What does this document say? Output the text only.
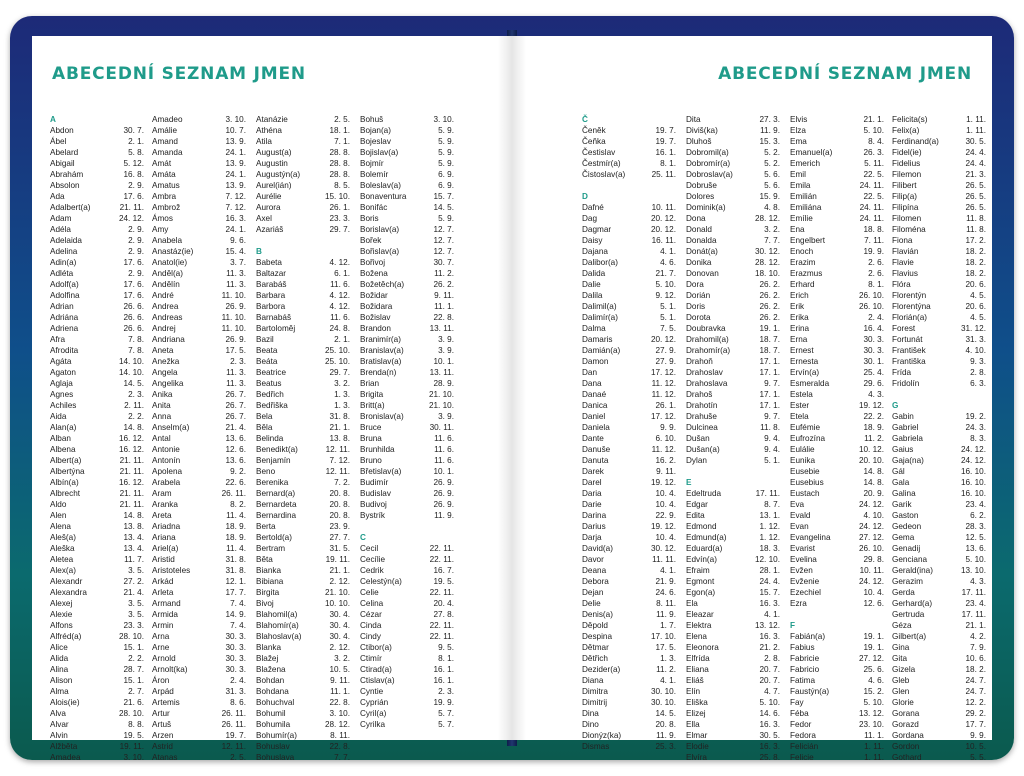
ABECEDNÍ SEZNAM JMEN
A
Abdon	30. 7.
Ábel	2. 1.
Abelard	5. 8.
Abigail	5. 12.
Abrahám	16. 8.
Absolon	2. 9.
Ada	17. 6.
Adalbert(a)	21. 11.
Adam	24. 12.
Adéla	2. 9.
Adelaida	2. 9.
Adelina	2. 9.
Adin(a)	17. 6.
Adléta	2. 9.
Adolf(a)	17. 6.
Adolfina	17. 6.
Adrian	26. 6.
Adriána	26. 6.
Adriena	26. 6.
Afra	7. 8.
Afrodita	7. 8.
Agáta	14. 10.
Agaton	14. 10.
Aglaja	14. 5.
Agnes	2. 3.
Achiles	2. 11.
Aida	2. 2.
Alan(a)	14. 8.
Alban	16. 12.
Albena	16. 12.
Albert(a)	21. 11.
Albertýna	21. 11.
Albín(a)	16. 12.
Albrecht	21. 11.
Aldo	21. 11.
Alen	14. 8.
Alena	13. 8.
Aleš(a)	13. 4.
Aleška	13. 4.
Aletea	11. 7.
Alex(a)	3. 5.
Alexandr	27. 2.
Alexandra	21. 4.
Alexej	3. 5.
Alexie	3. 5.
Alfons	23. 3.
Alfréd(a)	28. 10.
Alice	15. 1.
Alida	2. 2.
Alina	28. 7.
Alison	15. 1.
Alma	2. 7.
Alois(ie)	21. 6.
Alva	28. 10.
Alvar	8. 8.
Alvin	19. 5.
Alžběta	19. 11.
Amadea	3. 10.
Amadeo	3. 10.
Amálie	10. 7.
Amand	13. 9.
Amanda	24. 1.
Amát	13. 9.
Amáta	24. 1.
Amatus	13. 9.
Ambra	7. 12.
Ambrož	7. 12.
Ámos	16. 3.
Amy	24. 1.
Anabela	9. 6.
Anastáz(ie)	15. 4.
Anatol(ie)	3. 7.
Anděl(a)	11. 3.
Andělín	11. 3.
André	11. 10.
Andrea	26. 9.
Andreas	11. 10.
Andrej	11. 10.
Andriana	26. 9.
Aneta	17. 5.
Anežka	2. 3.
Angela	11. 3.
Angelika	11. 3.
Anika	26. 7.
Anita	26. 7.
Anna	26. 7.
Anselm(a)	21. 4.
Antal	13. 6.
Antonie	12. 6.
Antonín	13. 6.
Apolena	9. 2.
Arabela	22. 6.
Aram	26. 11.
Aranka	8. 2.
Areta	11. 4.
Ariadna	18. 9.
Ariana	18. 9.
Ariel(a)	11. 4.
Aristid	31. 8.
Aristoteles	31. 8.
Arkád	12. 1.
Arleta	17. 7.
Armand	7. 4.
Armida	14. 9.
Armin	7. 4.
Arna	30. 3.
Arne	30. 3.
Arnold	30. 3.
Arnolt(ka)	30. 3.
Áron	2. 4.
Arpád	31. 3.
Artemis	8. 6.
Artur	26. 11.
Artuš	26. 11.
Arzen	19. 7.
Astrid	12. 11.
Atanas	2. 5.
Atanázie	2. 5.
Athéna	18. 1.
Atila	7. 1.
August(a)	28. 8.
Augustin	28. 8.
Augustýn(a)	28. 8.
Aurel(ián)	8. 5.
Aurélie	15. 10.
Aurora	26. 1.
Axel	23. 3.
Azariáš	29. 7.
B
Babeta	4. 12.
Baltazar	6. 1.
Barabáš	11. 6.
Barbara	4. 12.
Barbora	4. 12.
Barnabáš	11. 6.
Bartoloměj	24. 8.
Bazil	2. 1.
Beata	25. 10.
Beáta	25. 10.
Beatrice	29. 7.
Beatus	3. 2.
Bedřich	1. 3.
Bedřiška	1. 3.
Bela	31. 8.
Běla	21. 1.
Belinda	13. 8.
Benedikt(a)	12. 11.
Benjamín	7. 12.
Beno	12. 11.
Berenika	7. 2.
Bernard(a)	20. 8.
Bernardeta	20. 8.
Bernardina	20. 8.
Berta	23. 9.
Bertold(a)	27. 7.
Bertram	31. 5.
Běta	19. 11.
Bianka	21. 1.
Bibiana	2. 12.
Birgita	21. 10.
Bivoj	10. 10.
Blahomil(a)	30. 4.
Blahomír(a)	30. 4.
Blahoslav(a)	30. 4.
Blanka	2. 12.
Blažej	3. 2.
Blažena	10. 5.
Bohdan	9. 11.
Bohdana	11. 1.
Bohuchval	22. 8.
Bohumil	3. 10.
Bohumila	28. 12.
Bohumír(a)	8. 11.
Bohuslav	22. 8.
Bohuslava	7. 7.
Bohuš	3. 10.
Bojan(a)	5. 9.
Bojeslav	5. 9.
Bojislav(a)	5. 9.
Bojmír	5. 9.
Bolemír	6. 9.
Boleslav(a)	6. 9.
Bonaventura	15. 7.
Bonifác	14. 5.
Boris	5. 9.
Borislav(a)	12. 7.
Bořek	12. 7.
Bořislav(a)	12. 7.
Bořivoj	30. 7.
Božena	11. 2.
Božetěch(a)	26. 2.
Božidar	9. 11.
Božidara	11. 1.
Božislav	22. 8.
Brandon	13. 11.
Branimír(a)	3. 9.
Branislav(a)	3. 9.
Bratislav(a)	10. 1.
Brenda(n)	13. 11.
Brian	28. 9.
Brigita	21. 10.
Britt(a)	21. 10.
Bronislav(a)	3. 9.
Bruce	30. 11.
Bruna	11. 6.
Brunhilda	11. 6.
Bruno	11. 6.
Břetislav(a)	10. 1.
Budimír	26. 9.
Budislav	26. 9.
Budivoj	26. 9.
Bystrík	11. 9.
C
Cecil	22. 11.
Cecílie	22. 11.
Cedrik	16. 7.
Celestýn(a)	19. 5.
Celie	22. 11.
Celina	20. 4.
Cézar	27. 8.
Cinda	22. 11.
Cindy	22. 11.
Ctibor(a)	9. 5.
Ctimír	8. 1.
Ctirad(a)	16. 1.
Ctislav(a)	16. 1.
Cyntie	2. 3.
Cyprián	19. 9.
Cyril(a)	5. 7.
Cyrilka	5. 7.
ABECEDNÍ SEZNAM JMEN
Č
Čeněk	19. 7.
Čeňka	19. 7.
Čestislav	16. 1.
Čestmír(a)	8. 1.
Čistoslav(a)	25. 11.
D
Dafné	10. 11.
Dag	20. 12.
Dagmar	20. 12.
Daisy	16. 11.
Dajana	4. 1.
Dalibor(a)	4. 6.
Dalida	21. 7.
Dalie	5. 10.
Dalila	9. 12.
Dalimil(a)	5. 1.
Dalimír(a)	5. 1.
Dalma	7. 5.
Damaris	20. 12.
Damián(a)	27. 9.
Damon	27. 9.
Dan	17. 12.
Dana	11. 12.
Danaé	11. 12.
Danica	26. 1.
Daniel	17. 12.
Daniela	9. 9.
Dante	6. 10.
Danuše	11. 12.
Danuta	16. 2.
Darek	9. 11.
Darel	19. 12.
Daria	10. 4.
Darie	10. 4.
Darina	22. 9.
Darius	19. 12.
Darja	10. 4.
David(a)	30. 12.
Davor	11. 11.
Deana	4. 1.
Debora	21. 9.
Dejan	24. 6.
Delie	8. 11.
Denis(a)	11. 9.
Děpold	1. 7.
Despina	17. 10.
Dětmar	17. 5.
Dětřich	1. 3.
Dezider(a)	11. 2.
Diana	4. 1.
Dimitra	30. 10.
Dimitrij	30. 10.
Dina	14. 5.
Dino	20. 8.
Dionýz(ka)	11. 9.
Dismas	25. 3.
Dita	27. 3.
Diviš(ka)	11. 9.
Dluhoš	15. 3.
Dobromil(a)	5. 2.
Dobromír(a)	5. 2.
Dobroslav(a)	5. 6.
Dobruše	5. 6.
Dolores	15. 9.
Dominik(a)	4. 8.
Dona	28. 12.
Donald	3. 2.
Donalda	7. 7.
Donát(a)	30. 12.
Donika	28. 12.
Donovan	18. 10.
Dora	26. 2.
Dorián	26. 2.
Doris	26. 2.
Dorota	26. 2.
Doubravka	19. 1.
Drahomil(a)	18. 7.
Drahomír(a)	18. 7.
Drahoň	17. 1.
Drahoslav	17. 1.
Drahoslava	9. 7.
Drahoš	17. 1.
Drahotín	17. 1.
Drahuše	9. 7.
Dulcinea	11. 8.
Dušan	9. 4.
Dušan(a)	9. 4.
Dylan	5. 1.
E
Edeltruda	17. 11.
Edgar	8. 7.
Edita	13. 1.
Edmond	1. 12.
Edmund(a)	1. 12.
Eduard(a)	18. 3.
Edvín(a)	12. 10.
Efraim	28. 1.
Egmont	24. 4.
Egon(a)	15. 7.
Ela	16. 3.
Eleazar	4. 1.
Elektra	13. 12.
Elena	16. 3.
Eleonora	21. 2.
Elfrída	2. 8.
Eliana	20. 7.
Eliáš	20. 7.
Elín	4. 7.
Eliška	5. 10.
Elizej	14. 6.
Ella	16. 3.
Elmar	30. 5.
Elodie	16. 3.
Elvíra	25. 8.
Elvis	21. 1.
Elza	5. 10.
Ema	8. 4.
Emanuel(a)	26. 3.
Emerich	5. 11.
Emil	22. 5.
Emila	24. 11.
Emilián	22. 5.
Emiliána	24. 11.
Emílie	24. 11.
Ena	18. 8.
Engelbert	7. 11.
Enoch	19. 9.
Erazim	2. 6.
Erazmus	2. 6.
Erhard	8. 1.
Erich	26. 10.
Erik	26. 10.
Erika	2. 4.
Erina	16. 4.
Erna	30. 3.
Ernest	30. 3.
Ernesta	30. 1.
Ervín(a)	25. 4.
Esmeralda	29. 6.
Estela	4. 3.
Ester	19. 12.
Etela	22. 2.
Eufémie	18. 9.
Eufrozína	11. 2.
Eulálie	10. 12.
Eunika	20. 10.
Eusebie	14. 8.
Eusebius	14. 8.
Eustach	20. 9.
Eva	24. 12.
Evald	4. 10.
Evan	24. 12.
Evangelina	27. 12.
Evarist	26. 10.
Evelina	29. 8.
Evžen	10. 11.
Evženie	24. 12.
Ezechiel	10. 4.
Ezra	12. 6.
F
Fabián(a)	19. 1.
Fabius	19. 1.
Fabricie	27. 12.
Fabricio	25. 6.
Fatima	4. 6.
Faustýn(a)	15. 2.
Fay	5. 10.
Féba	13. 12.
Fedor	23. 10.
Fedora	11. 1.
Felicián	1. 11.
Felicie	1. 11.
Felicita(s)	1. 11.
Felix(a)	1. 11.
Ferdinand(a)	30. 5.
Fidel(ie)	24. 4.
Fidelius	24. 4.
Filemon	21. 3.
Filibert	26. 5.
Filip(a)	26. 5.
Filipína	26. 5.
Filomen	11. 8.
Filoména	11. 8.
Fiona	17. 2.
Flavián	18. 2.
Flavie	18. 2.
Flavius	18. 2.
Flóra	20. 6.
Florentýn	4. 5.
Florentýna	20. 6.
Florián(a)	4. 5.
Forest	31. 12.
Fortunát	31. 3.
František	4. 10.
Františka	9. 3.
Frída	2. 8.
Fridolín	6. 3.
G
Gabin	19. 2.
Gabriel	24. 3.
Gabriela	8. 3.
Gaius	24. 12.
Gaja(na)	24. 12.
Gál	16. 10.
Gala	16. 10.
Galina	16. 10.
Garik	23. 4.
Gaston	6. 2.
Gedeon	28. 3.
Gema	12. 5.
Genadij	13. 6.
Genciana	5. 10.
Gerald(ina)	13. 10.
Gerazim	4. 3.
Gerda	17. 11.
Gerhard(a)	23. 4.
Gertruda	17. 11.
Géza	21. 1.
Gilbert(a)	4. 2.
Gina	7. 9.
Gita	10. 6.
Gizela	18. 2.
Gleb	24. 7.
Glen	24. 7.
Glorie	12. 2.
Gorana	29. 2.
Gorazd	17. 7.
Gordana	9. 9.
Gordon	10. 5.
Gothard	5. 5.
